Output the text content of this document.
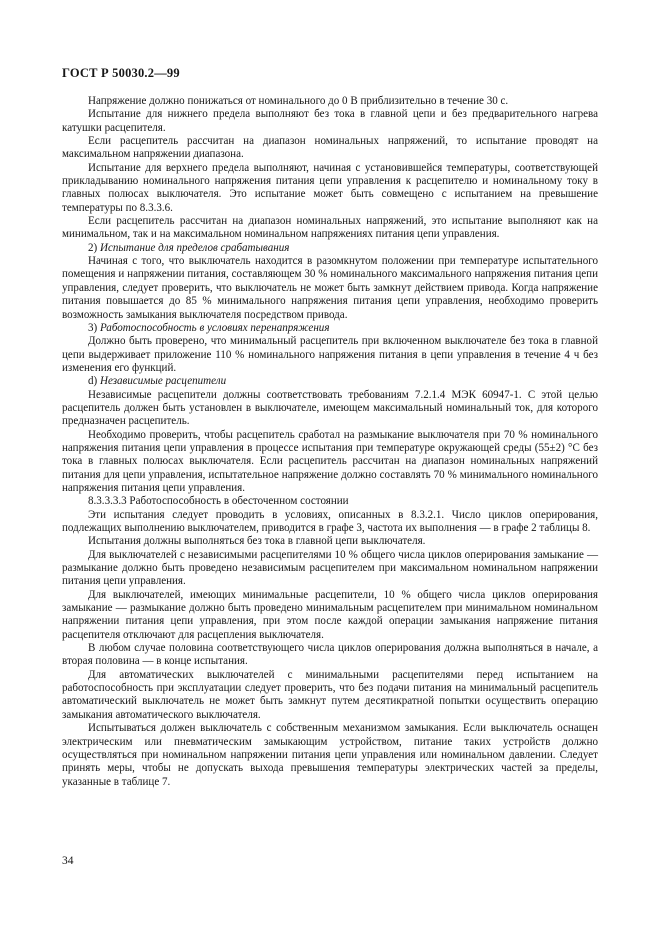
ГОСТ Р 50030.2—99

Напряжение должно понижаться от номинального до 0 В приблизительно в течение 30 с.

Испытание для нижнего предела выполняют без тока в главной цепи и без предварительного нагрева катушки расцепителя.

Если расцепитель рассчитан на диапазон номинальных напряжений, то испытание проводят на максимальном напряжении диапазона.

Испытание для верхнего предела выполняют, начиная с установившейся температуры, соответствующей прикладыванию номинального напряжения питания цепи управления к расцепителю и номинальному току в главных полюсах выключателя. Это испытание может быть совмещено с испытанием на превышение температуры по 8.3.3.6.

Если расцепитель рассчитан на диапазон номинальных напряжений, это испытание выполняют как на минимальном, так и на максимальном номинальном напряжениях питания цепи управления.

2) Испытание для пределов срабатывания

Начиная с того, что выключатель находится в разомкнутом положении при температуре испытательного помещения и напряжении питания, составляющем 30 % номинального максимального напряжения питания цепи управления, следует проверить, что выключатель не может быть замкнут действием привода. Когда напряжение питания повышается до 85 % минимального напряжения питания цепи управления, необходимо проверить возможность замыкания выключателя посредством привода.

3) Работоспособность в условиях перенапряжения

Должно быть проверено, что минимальный расцепитель при включенном выключателе без тока в главной цепи выдерживает приложение 110 % номинального напряжения питания в цепи управления в течение 4 ч без изменения его функций.

d) Независимые расцепители

Независимые расцепители должны соответствовать требованиям 7.2.1.4 МЭК 60947-1. С этой целью расцепитель должен быть установлен в выключателе, имеющем максимальный номинальный ток, для которого предназначен расцепитель.

Необходимо проверить, чтобы расцепитель сработал на размыкание выключателя при 70 % номинального напряжения питания цепи управления в процессе испытания при температуре окружающей среды (55±2) °С без тока в главных полюсах выключателя. Если расцепитель рассчитан на диапазон номинальных напряжений питания для цепи управления, испытательное напряжение должно составлять 70 % минимального номинального напряжения питания цепи управления.

8.3.3.3.3 Работоспособность в обесточенном состоянии

Эти испытания следует проводить в условиях, описанных в 8.3.2.1. Число циклов оперирования, подлежащих выполнению выключателем, приводится в графе 3, частота их выполнения — в графе 2 таблицы 8.

Испытания должны выполняться без тока в главной цепи выключателя.

Для выключателей с независимыми расцепителями 10 % общего числа циклов оперирования замыкание — размыкание должно быть проведено независимым расцепителем при максимальном номинальном напряжении питания цепи управления.

Для выключателей, имеющих минимальные расцепители, 10 % общего числа циклов оперирования замыкание — размыкание должно быть проведено минимальным расцепителем при минимальном номинальном напряжении питания цепи управления, при этом после каждой операции замыкания напряжение питания расцепителя отключают для расцепления выключателя.

В любом случае половина соответствующего числа циклов оперирования должна выполняться в начале, а вторая половина — в конце испытания.

Для автоматических выключателей с минимальными расцепителями перед испытанием на работоспособность при эксплуатации следует проверить, что без подачи питания на минимальный расцепитель автоматический выключатель не может быть замкнут путем десятикратной попытки осуществить операцию замыкания автоматического выключателя.

Испытываться должен выключатель с собственным механизмом замыкания. Если выключатель оснащен электрическим или пневматическим замыкающим устройством, питание таких устройств должно осуществляться при номинальном напряжении питания цепи управления или номинальном давлении. Следует принять меры, чтобы не допускать выхода превышения температуры электрических частей за пределы, указанные в таблице 7.

34
